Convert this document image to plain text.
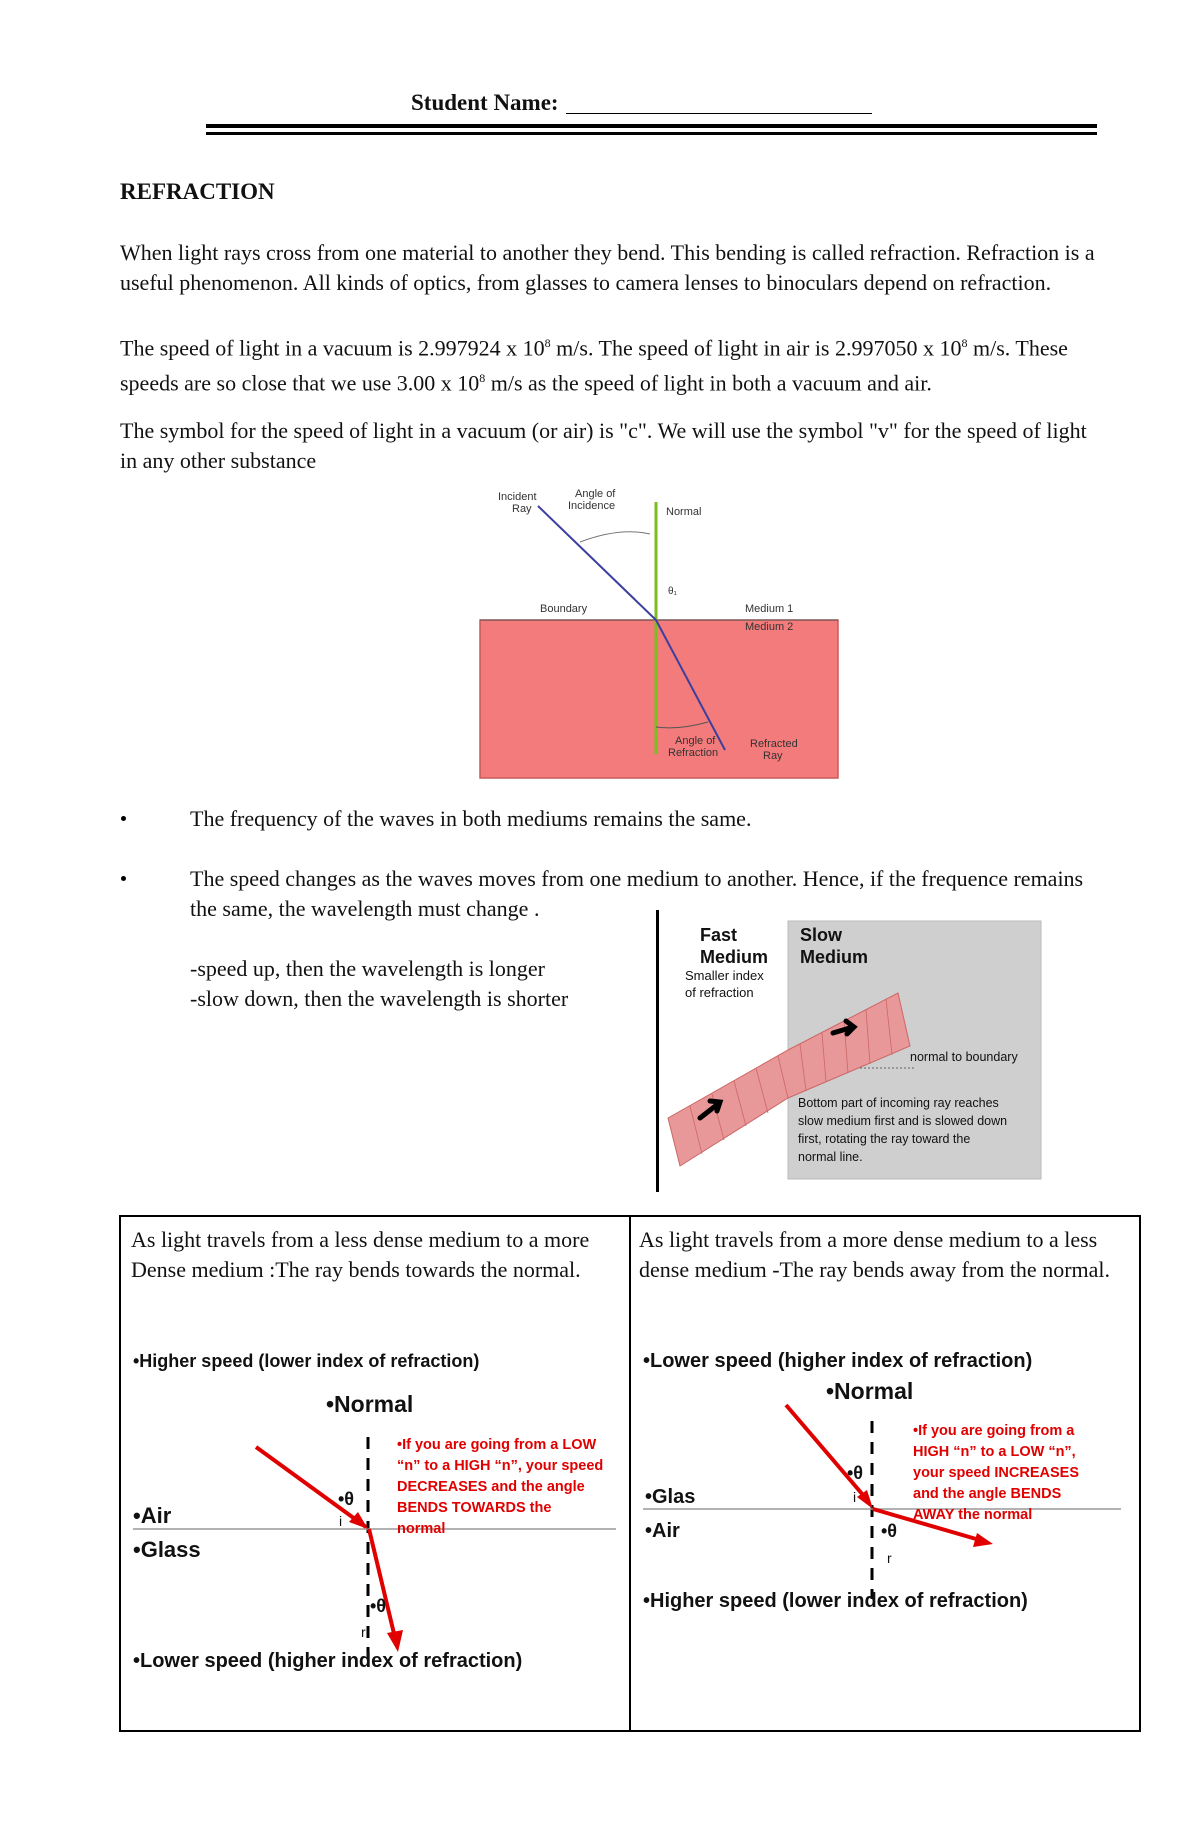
Student Name:
REFRACTION
When light rays cross from one material to another they bend. This bending is called refraction. Refraction is a
useful phenomenon. All kinds of optics, from glasses to camera lenses to binoculars depend on refraction.
The speed of light in a vacuum is 2.997924 x $10^8$ m/s. The speed of light in air is 2.997050 x $10^8$ m/s. These
speeds are so close that we use 3.00 x $10^8$ m/s as the speed of light in both a vacuum and air.
The symbol for the speed of light in a vacuum (or air) is "c". We will use the symbol "v" for the speed of light
in any other substance
Incident Ray
Angle of Incidence	Normal
θ₁
Boundary	Medium 1
Medium 2
Angle of Refraction
Refracted Ray
The frequency of the waves in both mediums remains the same.
The speed changes as the waves moves from one medium to another. Hence, if the frequence remains
the same, the wavelength must change .
-speed up, then the wavelength is longer
-slow down, then the wavelength is shorter
Fast
Medium
Smaller index
of refraction
Slow
Medium
normal to boundary
Bottom part of incoming ray reaches slow medium first and is slowed down first, rotating the ray toward the normal line.
As light travels from a less dense medium to a more
Dense medium :The ray bends towards the normal.
•Higher speed (lower index of refraction)
•Normal
•θ
i
•θ
r
•Air
•Glass
•If you are going from a LOW “n” to a HIGH “n”, your speed DECREASES and the angle BENDS TOWARDS the normal
•Lower speed (higher index of refraction)
As light travels from a more dense medium to a less
dense medium -The ray bends away from the normal.
•Lower speed (higher index of refraction)
•Normal
•θ
i
•θ
r
•Glas
•Air
•If you are going from a HIGH “n” to a LOW “n”, your speed INCREASES and the angle BENDS AWAY the normal
•Higher speed (lower index of refraction)
